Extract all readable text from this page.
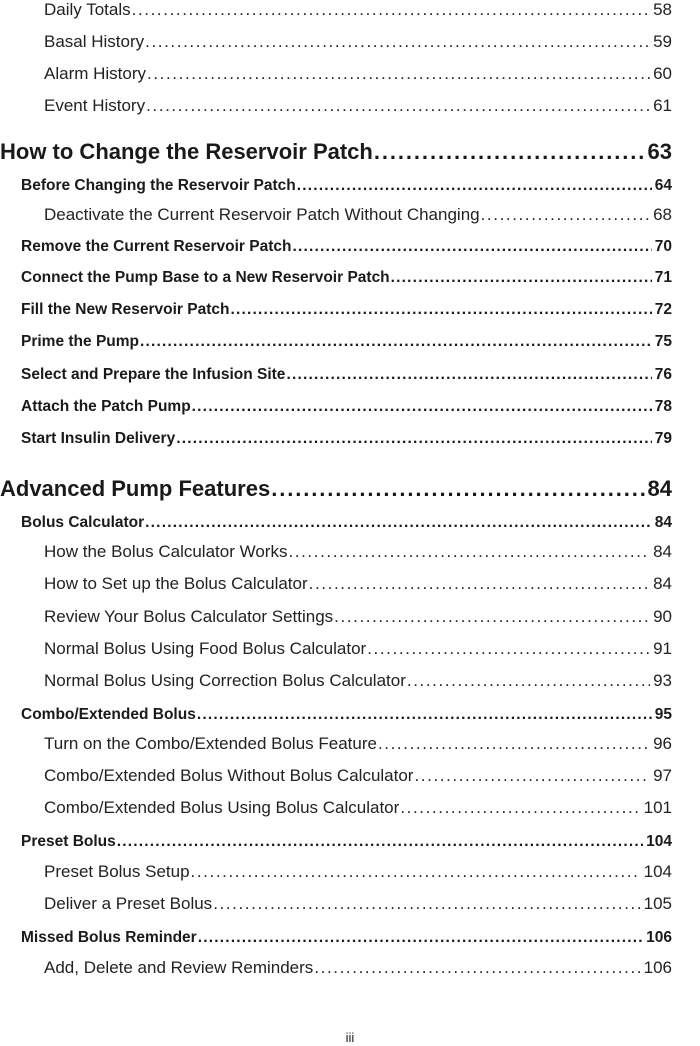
Daily Totals .....	58
Basal History .....	59
Alarm History .....	60
Event History .....	61
How to Change the Reservoir Patch .....	63
Before Changing the Reservoir Patch .....	64
Deactivate the Current Reservoir Patch Without Changing .....	68
Remove the Current Reservoir Patch .....	70
Connect the Pump Base to a New Reservoir Patch .....	71
Fill the New Reservoir Patch .....	72
Prime the Pump .....	75
Select and Prepare the Infusion Site .....	76
Attach the Patch Pump .....	78
Start Insulin Delivery .....	79
Advanced Pump Features .....	84
Bolus Calculator .....	84
How the Bolus Calculator Works .....	84
How to Set up the Bolus Calculator .....	84
Review Your Bolus Calculator Settings .....	90
Normal Bolus Using Food Bolus Calculator .....	91
Normal Bolus Using Correction Bolus Calculator .....	93
Combo/Extended Bolus .....	95
Turn on the Combo/Extended Bolus Feature .....	96
Combo/Extended Bolus Without Bolus Calculator .....	97
Combo/Extended Bolus Using Bolus Calculator .....	101
Preset Bolus .....	104
Preset Bolus Setup .....	104
Deliver a Preset Bolus .....	105
Missed Bolus Reminder .....	106
Add, Delete and Review Reminders .....	106
iii
